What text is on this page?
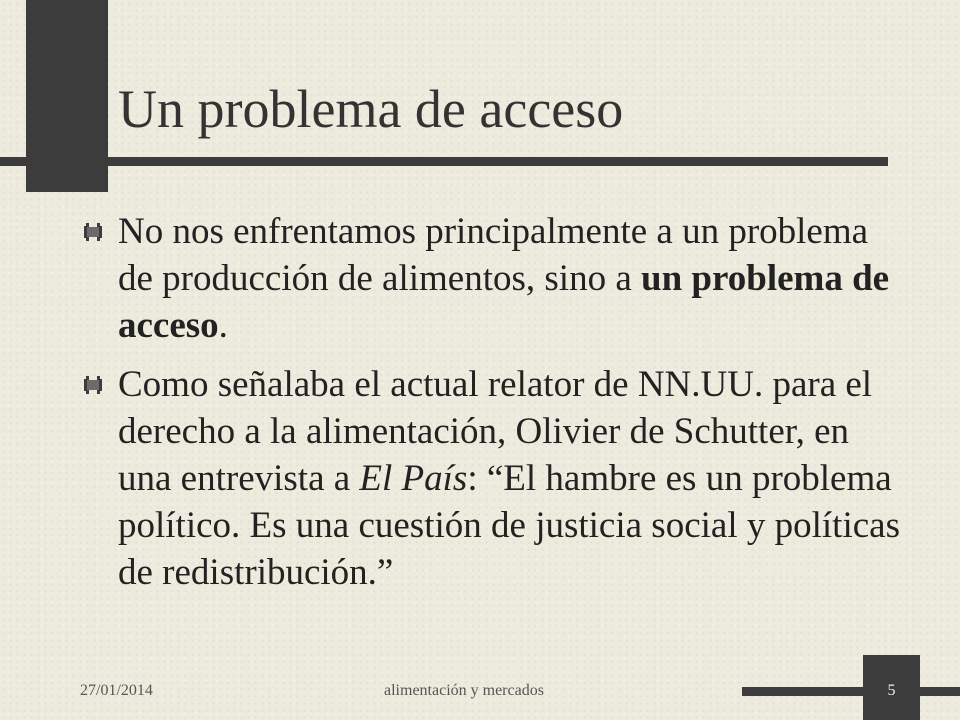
Un problema de acceso
No nos enfrentamos principalmente a un problema de producción de alimentos, sino a un problema de acceso.
Como señalaba el actual relator de NN.UU. para el derecho a la alimentación, Olivier de Schutter, en una entrevista a El País: “El hambre es un problema político. Es una cuestión de justicia social y políticas de redistribución.”
27/01/2014	alimentación y mercados	5
